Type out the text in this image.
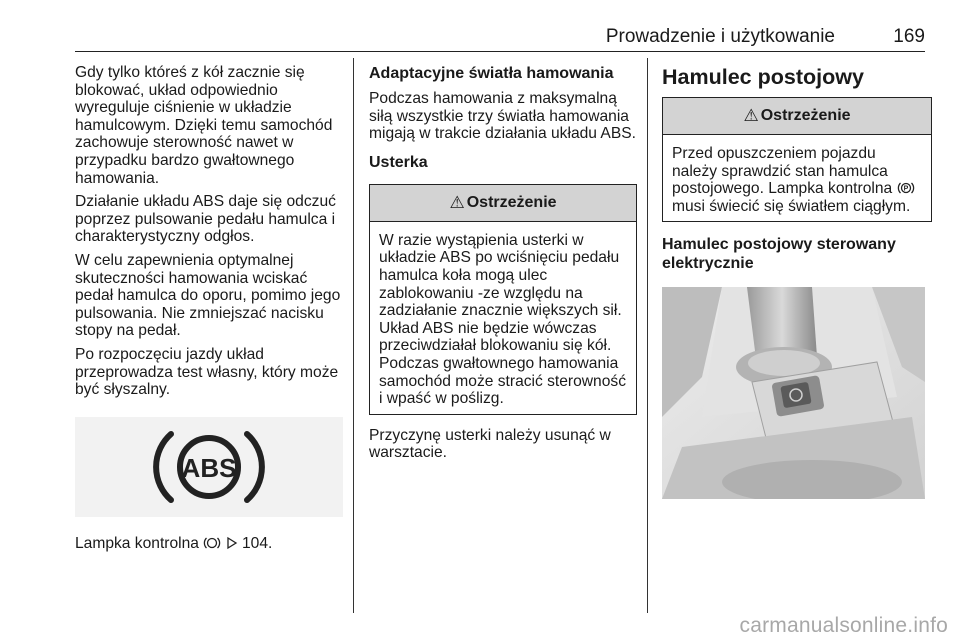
Prowadzenie i użytkowanie	169

Gdy tylko któreś z kół zacznie się blokować, układ odpowiednio wyreguluje ciśnienie w układzie hamulcowym. Dzięki temu samochód zachowuje sterowność nawet w przypadku bardzo gwałtownego hamowania.

Działanie układu ABS daje się odczuć poprzez pulsowanie pedału hamulca i charakterystyczny odgłos.

W celu zapewnienia optymalnej skuteczności hamowania wciskać pedał hamulca do oporu, pomimo jego pulsowania. Nie zmniejszać nacisku stopy na pedał.

Po rozpoczęciu jazdy układ przeprowadza test własny, który może być słyszalny.

ABS

Lampka kontrolna	104.

Adaptacyjne światła hamowania

Podczas hamowania z maksymalną siłą wszystkie trzy światła hamowania migają w trakcie działania układu ABS.

Usterka
⚠ Ostrzeżenie
W razie wystąpienia usterki w układzie ABS po wciśnięciu pedału hamulca koła mogą ulec zablokowaniu -ze względu na zadziałanie znacznie większych sił. Układ ABS nie będzie wówczas przeciwdziałał blokowaniu się kół. Podczas gwałtownego hamowania samochód może stracić sterowność i wpaść w poślizg.

Przyczynę usterki należy usunąć w warsztacie.

Hamulec postojowy
⚠ Ostrzeżenie
Przed opuszczeniem pojazdu należy sprawdzić stan hamulca postojowego. Lampka kontrolna P
musi świecić się światłem ciągłym.
Hamulec postojowy sterowany elektrycznie
carmanualsonline.info
